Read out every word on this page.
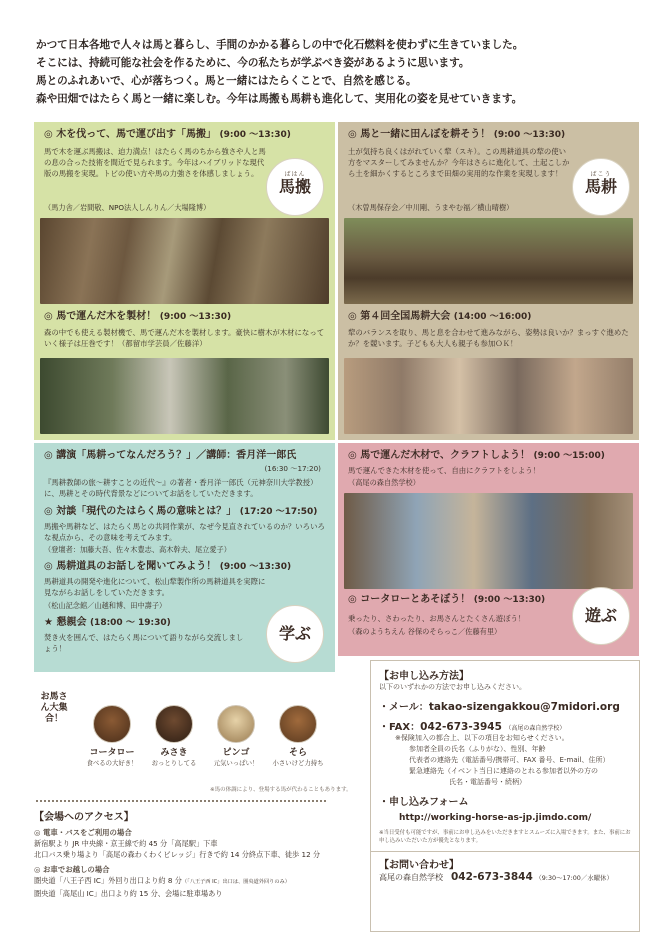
かつて日本各地で人々は馬と暮らし、手間のかかる暮らしの中で化石燃料を使わずに生きていました。

そこには、持続可能な社会を作るために、今の私たちが学ぶべき姿があるように思います。

馬とのふれあいで、心が落ちつく。馬と一緒にはたらくことで、自然を感じる。

森や田畑ではたらく馬と一緒に楽しむ。今年は馬搬も馬耕も進化して、実用化の姿を見せていきます。

◎ 木を伐って、馬で運び出す「馬搬」 (9:00 ～13:30)
馬で木を運ぶ馬搬は、迫力満点！はたらく馬のちから強さや人と馬の息の合った技術を間近で見られます。今年はハイブリッドな現代版の馬搬を実現。トビの使い方や馬の力強さを体感しましょう。
（馬力舎／岩間敬、NPO法人しんりん／大場隆博）
ばはん
馬搬
◎ 馬で運んだ木を製材！ (9:00 ～13:30)
森の中でも使える製材機で、馬で運んだ木を製材します。豪快に樹木が木材になっていく様子は圧巻です！（都留市学芸員／佐藤洋）
◎ 馬と一緒に田んぼを耕そう！ (9:00 ～13:30)
土が気持ち良くはがれていく犂（スキ）。この馬耕道具の犂の使い方をマスターしてみませんか？今年はさらに進化して、土起こしから土を細かくするところまで田畑の実用的な作業を実現します！
（木曽馬保存会／中川剛、うまやむ福／横山晴樹）
ばこう
馬耕
◎ 第４回全国馬耕大会 (14:00 ～16:00)
犂のバランスを取り、馬と息を合わせて進みながら、姿勢は良いか？まっすぐ進めたか？を競います。子どもも大人も親子も参加ＯＫ！
◎ 講演「馬耕ってなんだろう？」／講師：香月洋一郎氏
(16:30 ～17:20)
『馬耕教師の旅～耕すことの近代～』の著者・香月洋一郎氏（元神奈川大学教授）に、馬耕とその時代背景などについてお話をしていただきます。
◎ 対談「現代のたはらく馬の意味とは？」 (17:20 ～17:50)
馬搬や馬耕など、はたらく馬との共同作業が、なぜ今見直されているのか？いろいろな視点から、その意味を考えてみます。
（登壇者：加藤大吾、佐々木豊志、高木幹夫、尾立愛子）
◎ 馬耕道具のお話しを聞いてみよう！ (9:00 ～13:30)
馬耕道具の開発や進化について、松山犂製作所の馬耕道具を実際に見ながらお話しをしていただきます。
（松山記念館／山越和博、田中壽子）
★ 懇親会 (18:00 ～ 19:30)
焚き火を囲んで、はたらく馬について語りながら交流しましょう！
学ぶ
◎ 馬で運んだ木材で、クラフトしよう！ (9:00 ～15:00)
馬で運んできた木材を使って、自由にクラフトをしよう！
（高尾の森自然学校）
◎ コータローとあそぼう！ (9:00 ～13:30)
乗ったり、さわったり、お馬さんとたくさん遊ぼう！
（森のようちえん 谷保のそらっこ／佐藤有里）
遊ぶ
お馬さん大集合！
コータロー
食べるの大好き！
みさき
おっとりしてる
ピンゴ
元気いっぱい！
そら
小さいけど力持ち
※馬の体調により、登場する馬が代わることもあります。
【会場へのアクセス】
◎ 電車・バスをご利用の場合
新宿駅より JR 中央線・京王線で約 45 分「高尾駅」下車
北口バス乗り場より「高尾の森わくわくビレッジ」行きで約 14 分終点下車、徒歩 12 分
◎ お車でお越しの場合
圏央道「八王子西 IC」外回り出口より約 8 分（「八王子西 IC」出口は、圏央道外回りのみ）
圏央道「高尾山 IC」出口より約 15 分、会場に駐車場あり
【お申し込み方法】
以下のいずれかの方法でお申し込みください。
・メール：takao-sizengakkou@7midori.org
・FAX：042-673-3945 （高尾の森自然学校）
※保険加入の都合上、以下の項目をお知らせください。
参加者全員の氏名（ふりがな）、性別、年齢
代表者の連絡先（電話番号/携帯可、FAX 番号、E-mail、住所）
緊急連絡先（イベント当日に連絡のとれる参加者以外の方の
氏名・電話番号・続柄）
・申し込みフォーム
http://working-horse-as-jp.jimdo.com/
※当日受付も可能ですが、事前にお申し込みをいただきますとスムーズに入場できます。また、事前にお申し込みいただいた方が優先となります。
【お問い合わせ】
高尾の森自然学校　 042-673-3844 （9:30～17:00／水曜休）
